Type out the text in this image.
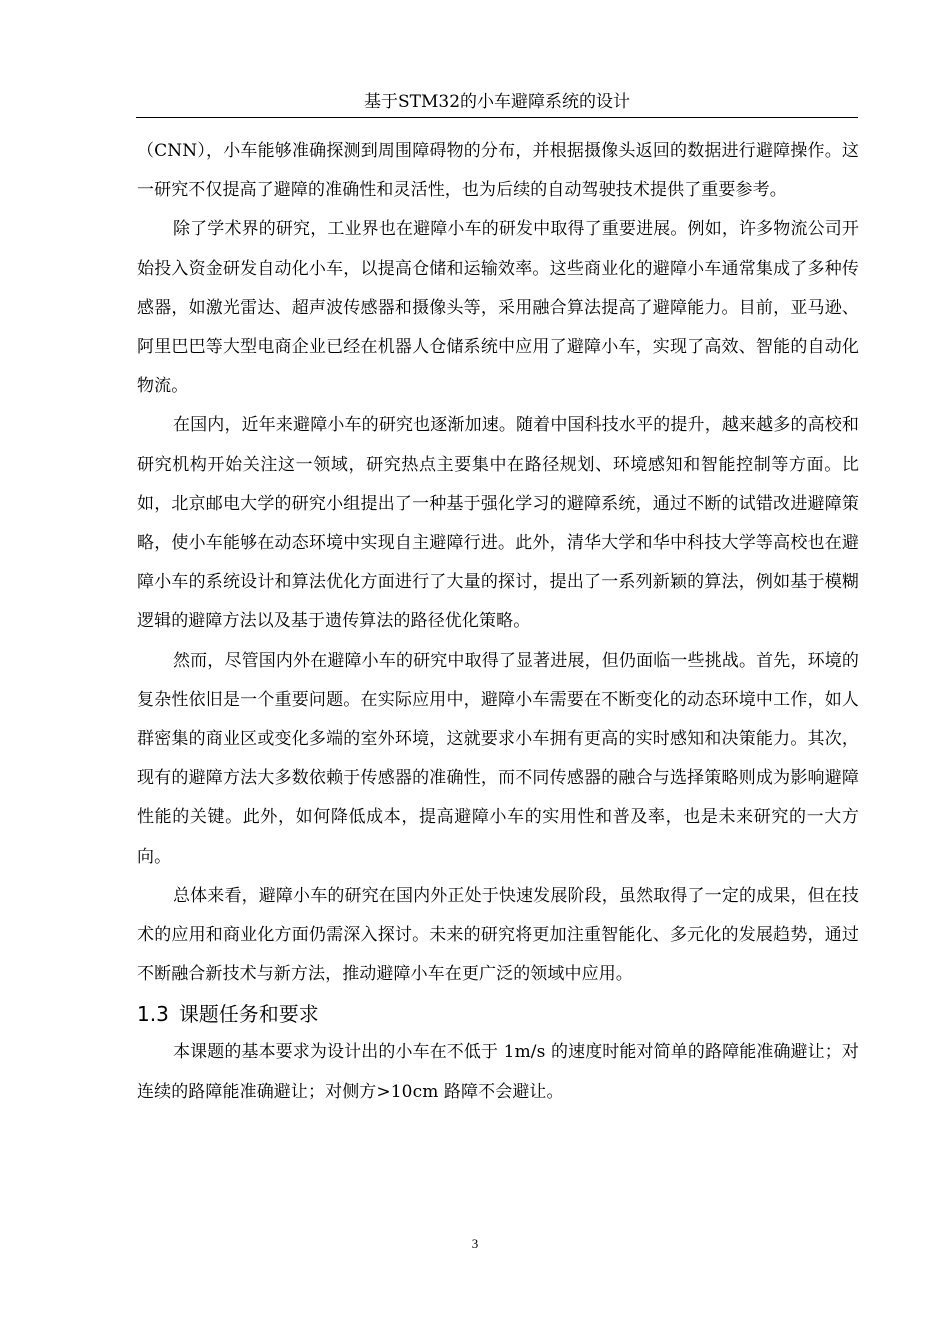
基于STM32的小车避障系统的设计

（CNN），小车能够准确探测到周围障碍物的分布，并根据摄像头返回的数据进行避障操作。这一研究不仅提高了避障的准确性和灵活性，也为后续的自动驾驶技术提供了重要参考。

除了学术界的研究，工业界也在避障小车的研发中取得了重要进展。例如，许多物流公司开始投入资金研发自动化小车，以提高仓储和运输效率。这些商业化的避障小车通常集成了多种传感器，如激光雷达、超声波传感器和摄像头等，采用融合算法提高了避障能力。目前，亚马逊、阿里巴巴等大型电商企业已经在机器人仓储系统中应用了避障小车，实现了高效、智能的自动化物流。

在国内，近年来避障小车的研究也逐渐加速。随着中国科技水平的提升，越来越多的高校和研究机构开始关注这一领域，研究热点主要集中在路径规划、环境感知和智能控制等方面。比如，北京邮电大学的研究小组提出了一种基于强化学习的避障系统，通过不断的试错改进避障策略，使小车能够在动态环境中实现自主避障行进。此外，清华大学和华中科技大学等高校也在避障小车的系统设计和算法优化方面进行了大量的探讨，提出了一系列新颖的算法，例如基于模糊逻辑的避障方法以及基于遗传算法的路径优化策略。

然而，尽管国内外在避障小车的研究中取得了显著进展，但仍面临一些挑战。首先，环境的复杂性依旧是一个重要问题。在实际应用中，避障小车需要在不断变化的动态环境中工作，如人群密集的商业区或变化多端的室外环境，这就要求小车拥有更高的实时感知和决策能力。其次，现有的避障方法大多数依赖于传感器的准确性，而不同传感器的融合与选择策略则成为影响避障性能的关键。此外，如何降低成本，提高避障小车的实用性和普及率，也是未来研究的一大方向。

总体来看，避障小车的研究在国内外正处于快速发展阶段，虽然取得了一定的成果，但在技术的应用和商业化方面仍需深入探讨。未来的研究将更加注重智能化、多元化的发展趋势，通过不断融合新技术与新方法，推动避障小车在更广泛的领域中应用。

1.3 课题任务和要求

本课题的基本要求为设计出的小车在不低于 1m/s 的速度时能对简单的路障能准确避让；对连续的路障能准确避让；对侧方>10cm 路障不会避让。

3
